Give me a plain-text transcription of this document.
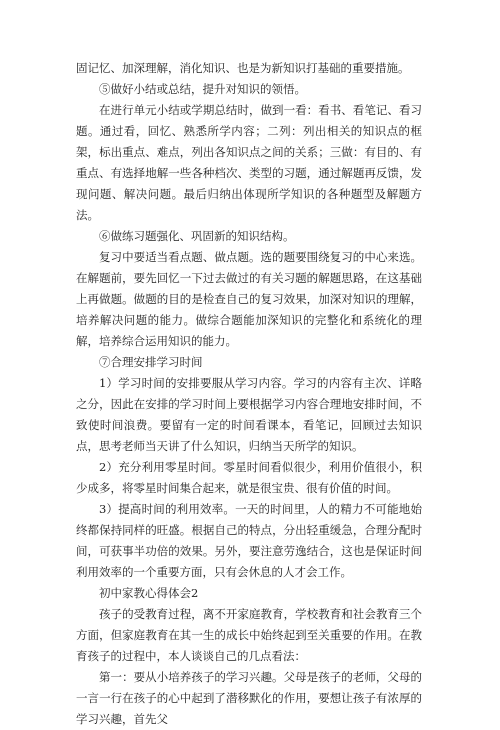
固记忆、加深理解，消化知识、也是为新知识打基础的重要措施。

⑤做好小结或总结，提升对知识的领悟。

在进行单元小结或学期总结时，做到一看：看书、看笔记、看习题。通过看，回忆、熟悉所学内容；二列：列出相关的知识点的框架，标出重点、难点，列出各知识点之间的关系；三做：有目的、有重点、有选择地解一些各种档次、类型的习题，通过解题再反馈，发现问题、解决问题。最后归纳出体现所学知识的各种题型及解题方法。

⑥做练习题强化、巩固新的知识结构。

复习中要适当看点题、做点题。选的题要围绕复习的中心来选。在解题前，要先回忆一下过去做过的有关习题的解题思路，在这基础上再做题。做题的目的是检查自己的复习效果，加深对知识的理解，培养解决问题的能力。做综合题能加深知识的完整化和系统化的理解，培养综合运用知识的能力。

⑦合理安排学习时间

1）学习时间的安排要服从学习内容。学习的内容有主次、详略之分，因此在安排的学习时间上要根据学习内容合理地安排时间，不致使时间浪费。要留有一定的时间看课本，看笔记，回顾过去知识点，思考老师当天讲了什么知识，归纳当天所学的知识。

2）充分利用零星时间。零星时间看似很少，利用价值很小，积少成多，将零星时间集合起来，就是很宝贵、很有价值的时间。

3）提高时间的利用效率。一天的时间里，人的精力不可能地始终都保持同样的旺盛。根据自己的特点，分出轻重缓急，合理分配时间，可获事半功倍的效果。另外，要注意劳逸结合，这也是保证时间利用效率的一个重要方面，只有会休息的人才会工作。

初中家教心得体会2

孩子的受教育过程，离不开家庭教育，学校教育和社会教育三个方面，但家庭教育在其一生的成长中始终起到至关重要的作用。在教育孩子的过程中，本人谈谈自己的几点看法：

第一：要从小培养孩子的学习兴趣。父母是孩子的老师，父母的一言一行在孩子的心中起到了潜移默化的作用，要想让孩子有浓厚的学习兴趣，首先父
